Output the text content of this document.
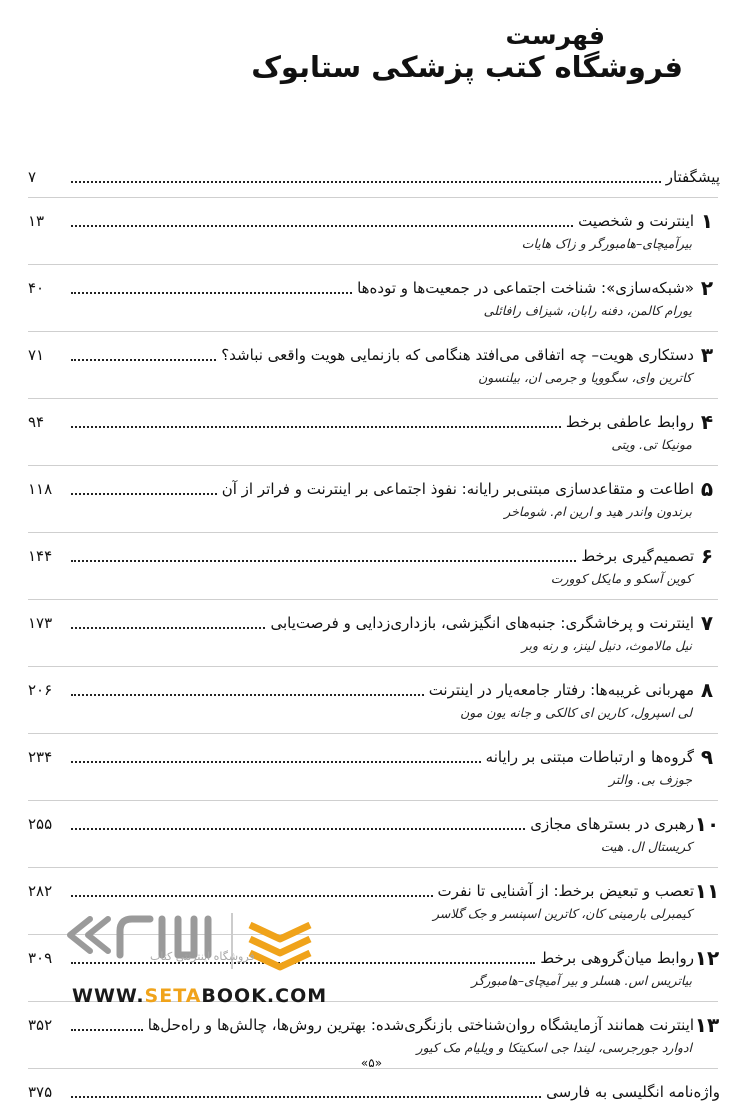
فهرست
فروشگاه کتب پزشکی ستابوک
پیشگفتار
۷
۱
اینترنت و شخصیت
۱۳
بیرآمیچای–هامبورگر و زاک هایات
۲
«شبکه‌سازی»: شناخت اجتماعی در جمعیت‌ها و توده‌ها
۴۰
یورام کالمن، دفنه رابان، شیزاف رافائلی
۳
دستکاری هویت– چه اتفاقی می‌افتد هنگامی که بازنمایی هویت واقعی نباشد؟
۷۱
کاترین وای، سگوویا و جرمی ان، بیلنسون
۴
روابط عاطفی برخط
۹۴
مونیکا تی. ویتی
۵
اطاعت و متقاعدسازی مبتنی‌بر رایانه: نفوذ اجتماعی بر اینترنت و فراتر از آن
۱۱۸
برندون واندر هید و ارین ام. شوماخر
۶
تصمیم‌گیری برخط
۱۴۴
کوین آسکو و مایکل کوورت
۷
اینترنت و پرخاشگری: جنبه‌های انگیزشی، بازداری‌زدایی و فرصت‌یابی
۱۷۳
نیل مالاموث، دنیل لینز، و رنه وبر
۸
مهربانی غریبه‌ها: رفتار جامعه‌یار در اینترنت
۲۰۶
لی اسپرول، کارین ای کالکی و جانه یون مون
۹
گروه‌ها و ارتباطات مبتنی بر رایانه
۲۳۴
جوزف بی. والتر
۱۰
رهبری در بسترهای مجازی
۲۵۵
کریستال ال. هیت
۱۱
تعصب و تبعیض برخط: از آشنایی تا نفرت
۲۸۲
کیمبرلی بارمینی کان، کاترین اسپنسر و جک گلاسر
۱۲
روابط میان‌گروهی برخط
۳۰۹
بیاتریس اس. هسلر و بیر آمیچای–هامبورگر
۱۳
اینترنت همانند آزمایشگاه روان‌شناختی بازنگری‌شده: بهترین روش‌ها، چالش‌ها و راه‌حل‌ها
۳۵۲
ادوارد جورجرسی، لیندا جی اسکیتکا و ویلیام مک کیور
واژه‌نامه انگلیسی به فارسی
۳۷۵
فروشگاه اینترنتی کتاب
WWW.SETABOOK.COM
«۵»
